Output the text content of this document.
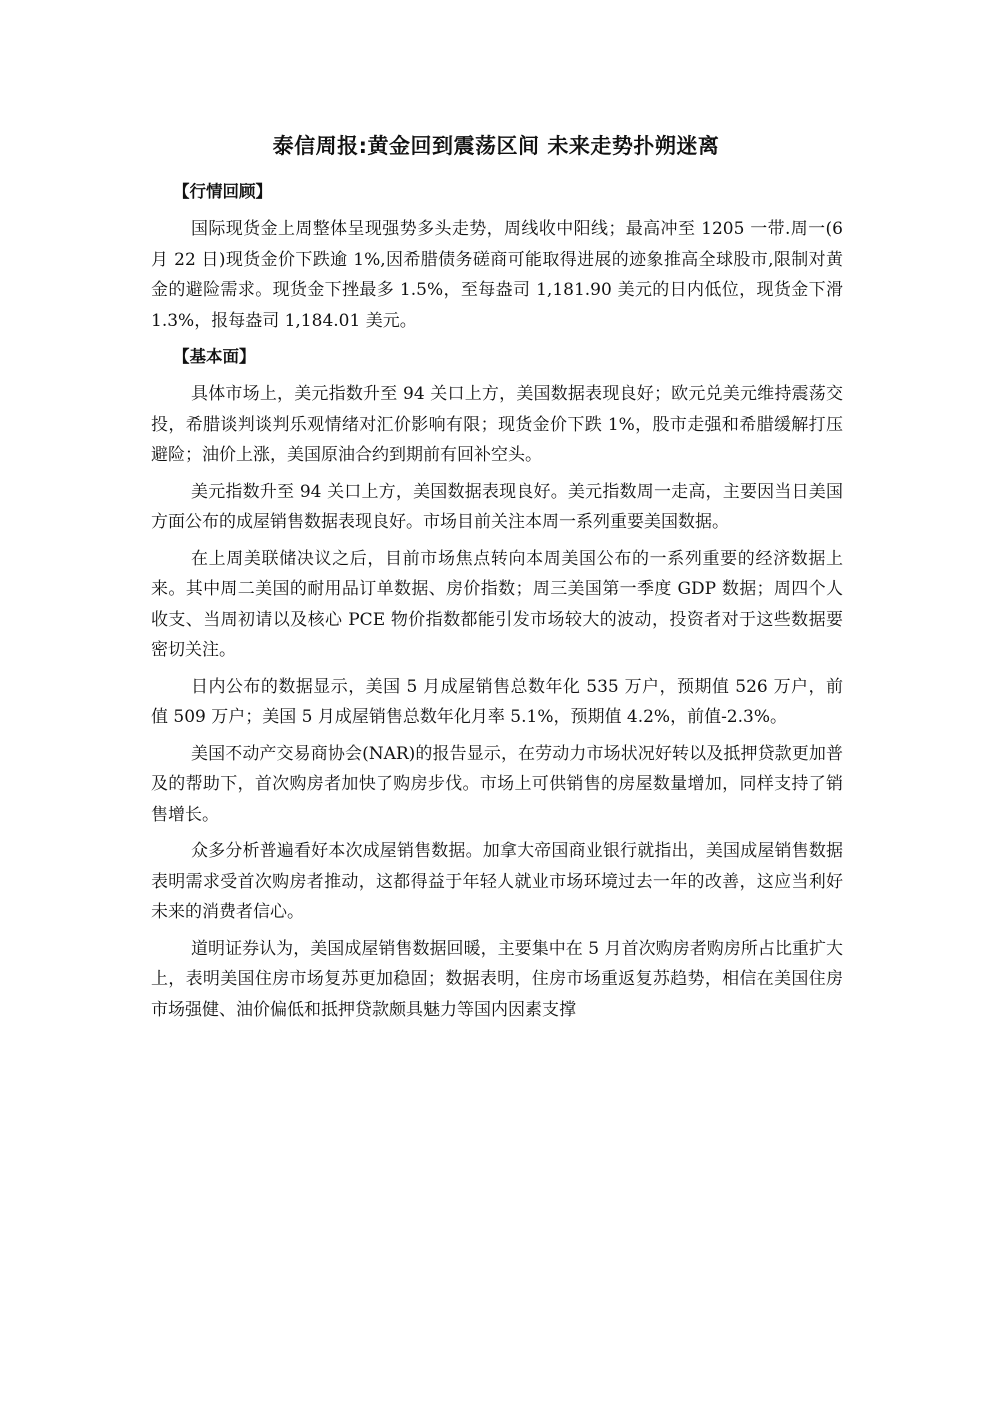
泰信周报:黄金回到震荡区间 未来走势扑朔迷离
【行情回顾】

国际现货金上周整体呈现强势多头走势，周线收中阳线；最高冲至 1205 一带.周一(6 月 22 日)现货金价下跌逾 1%,因希腊债务磋商可能取得进展的迹象推高全球股市,限制对黄金的避险需求。现货金下挫最多 1.5%，至每盎司 1,181.90 美元的日内低位，现货金下滑 1.3%，报每盎司 1,184.01 美元。

【基本面】

具体市场上，美元指数升至 94 关口上方，美国数据表现良好；欧元兑美元维持震荡交投，希腊谈判谈判乐观情绪对汇价影响有限；现货金价下跌 1%，股市走强和希腊缓解打压避险；油价上涨，美国原油合约到期前有回补空头。

美元指数升至 94 关口上方，美国数据表现良好。美元指数周一走高，主要因当日美国方面公布的成屋销售数据表现良好。市场目前关注本周一系列重要美国数据。

在上周美联储决议之后，目前市场焦点转向本周美国公布的一系列重要的经济数据上来。其中周二美国的耐用品订单数据、房价指数；周三美国第一季度 GDP 数据；周四个人收支、当周初请以及核心 PCE 物价指数都能引发市场较大的波动，投资者对于这些数据要密切关注。

日内公布的数据显示，美国 5 月成屋销售总数年化 535 万户，预期值 526 万户，前值 509 万户；美国 5 月成屋销售总数年化月率 5.1%，预期值 4.2%，前值-2.3%。

美国不动产交易商协会(NAR)的报告显示，在劳动力市场状况好转以及抵押贷款更加普及的帮助下，首次购房者加快了购房步伐。市场上可供销售的房屋数量增加，同样支持了销售增长。

众多分析普遍看好本次成屋销售数据。加拿大帝国商业银行就指出，美国成屋销售数据表明需求受首次购房者推动，这都得益于年轻人就业市场环境过去一年的改善，这应当利好未来的消费者信心。

道明证券认为，美国成屋销售数据回暖，主要集中在 5 月首次购房者购房所占比重扩大上，表明美国住房市场复苏更加稳固；数据表明，住房市场重返复苏趋势，相信在美国住房市场强健、油价偏低和抵押贷款颇具魅力等国内因素支撑
